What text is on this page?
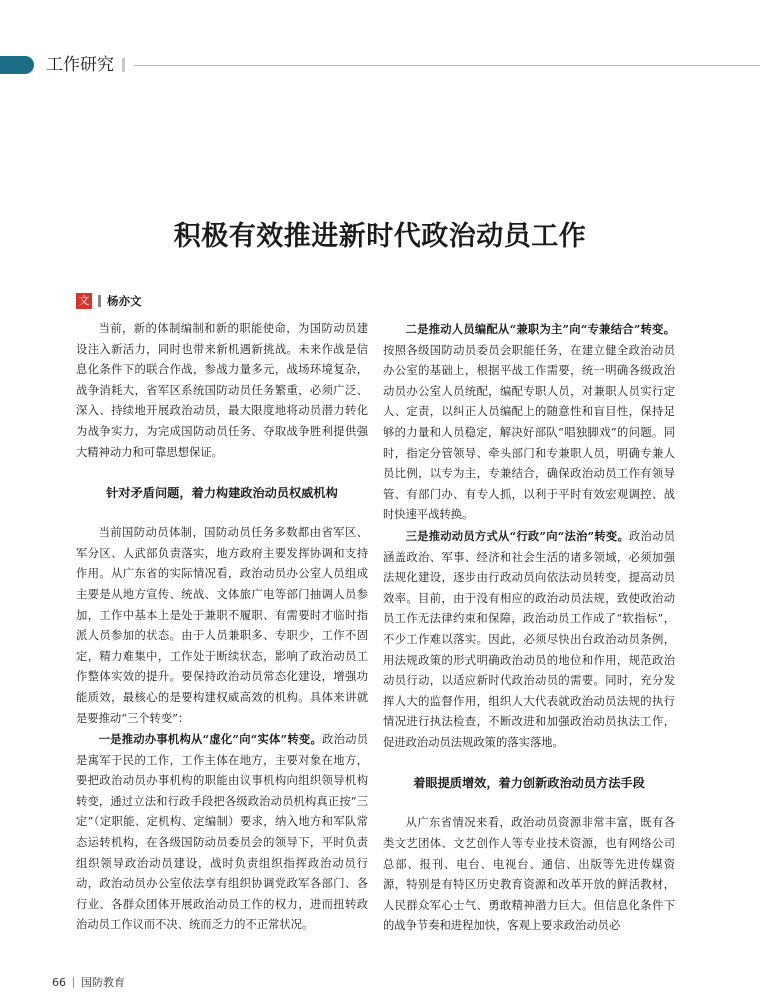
工作研究
积极有效推进新时代政治动员工作
文 杨亦文

当前，新的体制编制和新的职能使命，为国防动员建设注入新活力，同时也带来新机遇新挑战。未来作战是信息化条件下的联合作战，参战力量多元，战场环境复杂，战争消耗大，省军区系统国防动员任务繁重，必须广泛、深入、持续地开展政治动员，最大限度地将动员潜力转化为战争实力，为完成国防动员任务、夺取战争胜利提供强大精神动力和可靠思想保证。

针对矛盾问题，着力构建政治动员权威机构

当前国防动员体制，国防动员任务多数都由省军区、军分区、人武部负责落实，地方政府主要发挥协调和支持作用。从广东省的实际情况看，政治动员办公室人员组成主要是从地方宣传、统战、文体旅广电等部门抽调人员参加，工作中基本上是处于兼职不履职、有需要时才临时指派人员参加的状态。由于人员兼职多、专职少，工作不固定，精力难集中，工作处于断续状态，影响了政治动员工作整体实效的提升。要保持政治动员常态化建设，增强功能质效，最核心的是要构建权威高效的机构。具体来讲就是要推动“三个转变”：

一是推动办事机构从“虚化”向“实体”转变。政治动员是寓军于民的工作，工作主体在地方，主要对象在地方，要把政治动员办事机构的职能由议事机构向组织领导机构转变，通过立法和行政手段把各级政治动员机构真正按“三定”（定职能、定机构、定编制）要求，纳入地方和军队常态运转机构，在各级国防动员委员会的领导下，平时负责组织领导政治动员建设，战时负责组织指挥政治动员行动，政治动员办公室依法享有组织协调党政军各部门、各行业、各群众团体开展政治动员工作的权力，进而扭转政治动员工作议而不决、统而乏力的不正常状况。

二是推动人员编配从“兼职为主”向“专兼结合”转变。按照各级国防动员委员会职能任务，在建立健全政治动员办公室的基础上，根据平战工作需要，统一明确各级政治动员办公室人员统配，编配专职人员，对兼职人员实行定人、定责，以纠正人员编配上的随意性和盲目性，保持足够的力量和人员稳定，解决好部队“唱独脚戏”的问题。同时，指定分管领导、牵头部门和专兼职人员，明确专兼人员比例，以专为主，专兼结合，确保政治动员工作有领导管、有部门办、有专人抓，以利于平时有效宏观调控、战时快速平战转换。

三是推动动员方式从“行政”向“法治”转变。政治动员涵盖政治、军事、经济和社会生活的诸多领域，必须加强法规化建设，逐步由行政动员向依法动员转变，提高动员效率。目前，由于没有相应的政治动员法规，致使政治动员工作无法律约束和保障，政治动员工作成了“软指标”，不少工作难以落实。因此，必须尽快出台政治动员条例，用法规政策的形式明确政治动员的地位和作用，规范政治动员行动，以适应新时代政治动员的需要。同时，充分发挥人大的监督作用，组织人大代表就政治动员法规的执行情况进行执法检查，不断改进和加强政治动员执法工作，促进政治动员法规政策的落实落地。

着眼提质增效，着力创新政治动员方法手段

从广东省情况来看，政治动员资源非常丰富，既有各类文艺团体、文艺创作人等专业技术资源，也有网络公司总部、报刊、电台、电视台、通信、出版等先进传媒资源，特别是有特区历史教育资源和改革开放的鲜活教材，人民群众军心士气、勇敢精神潜力巨大。但信息化条件下的战争节奏和进程加快，客观上要求政治动员必

66 国防教育
